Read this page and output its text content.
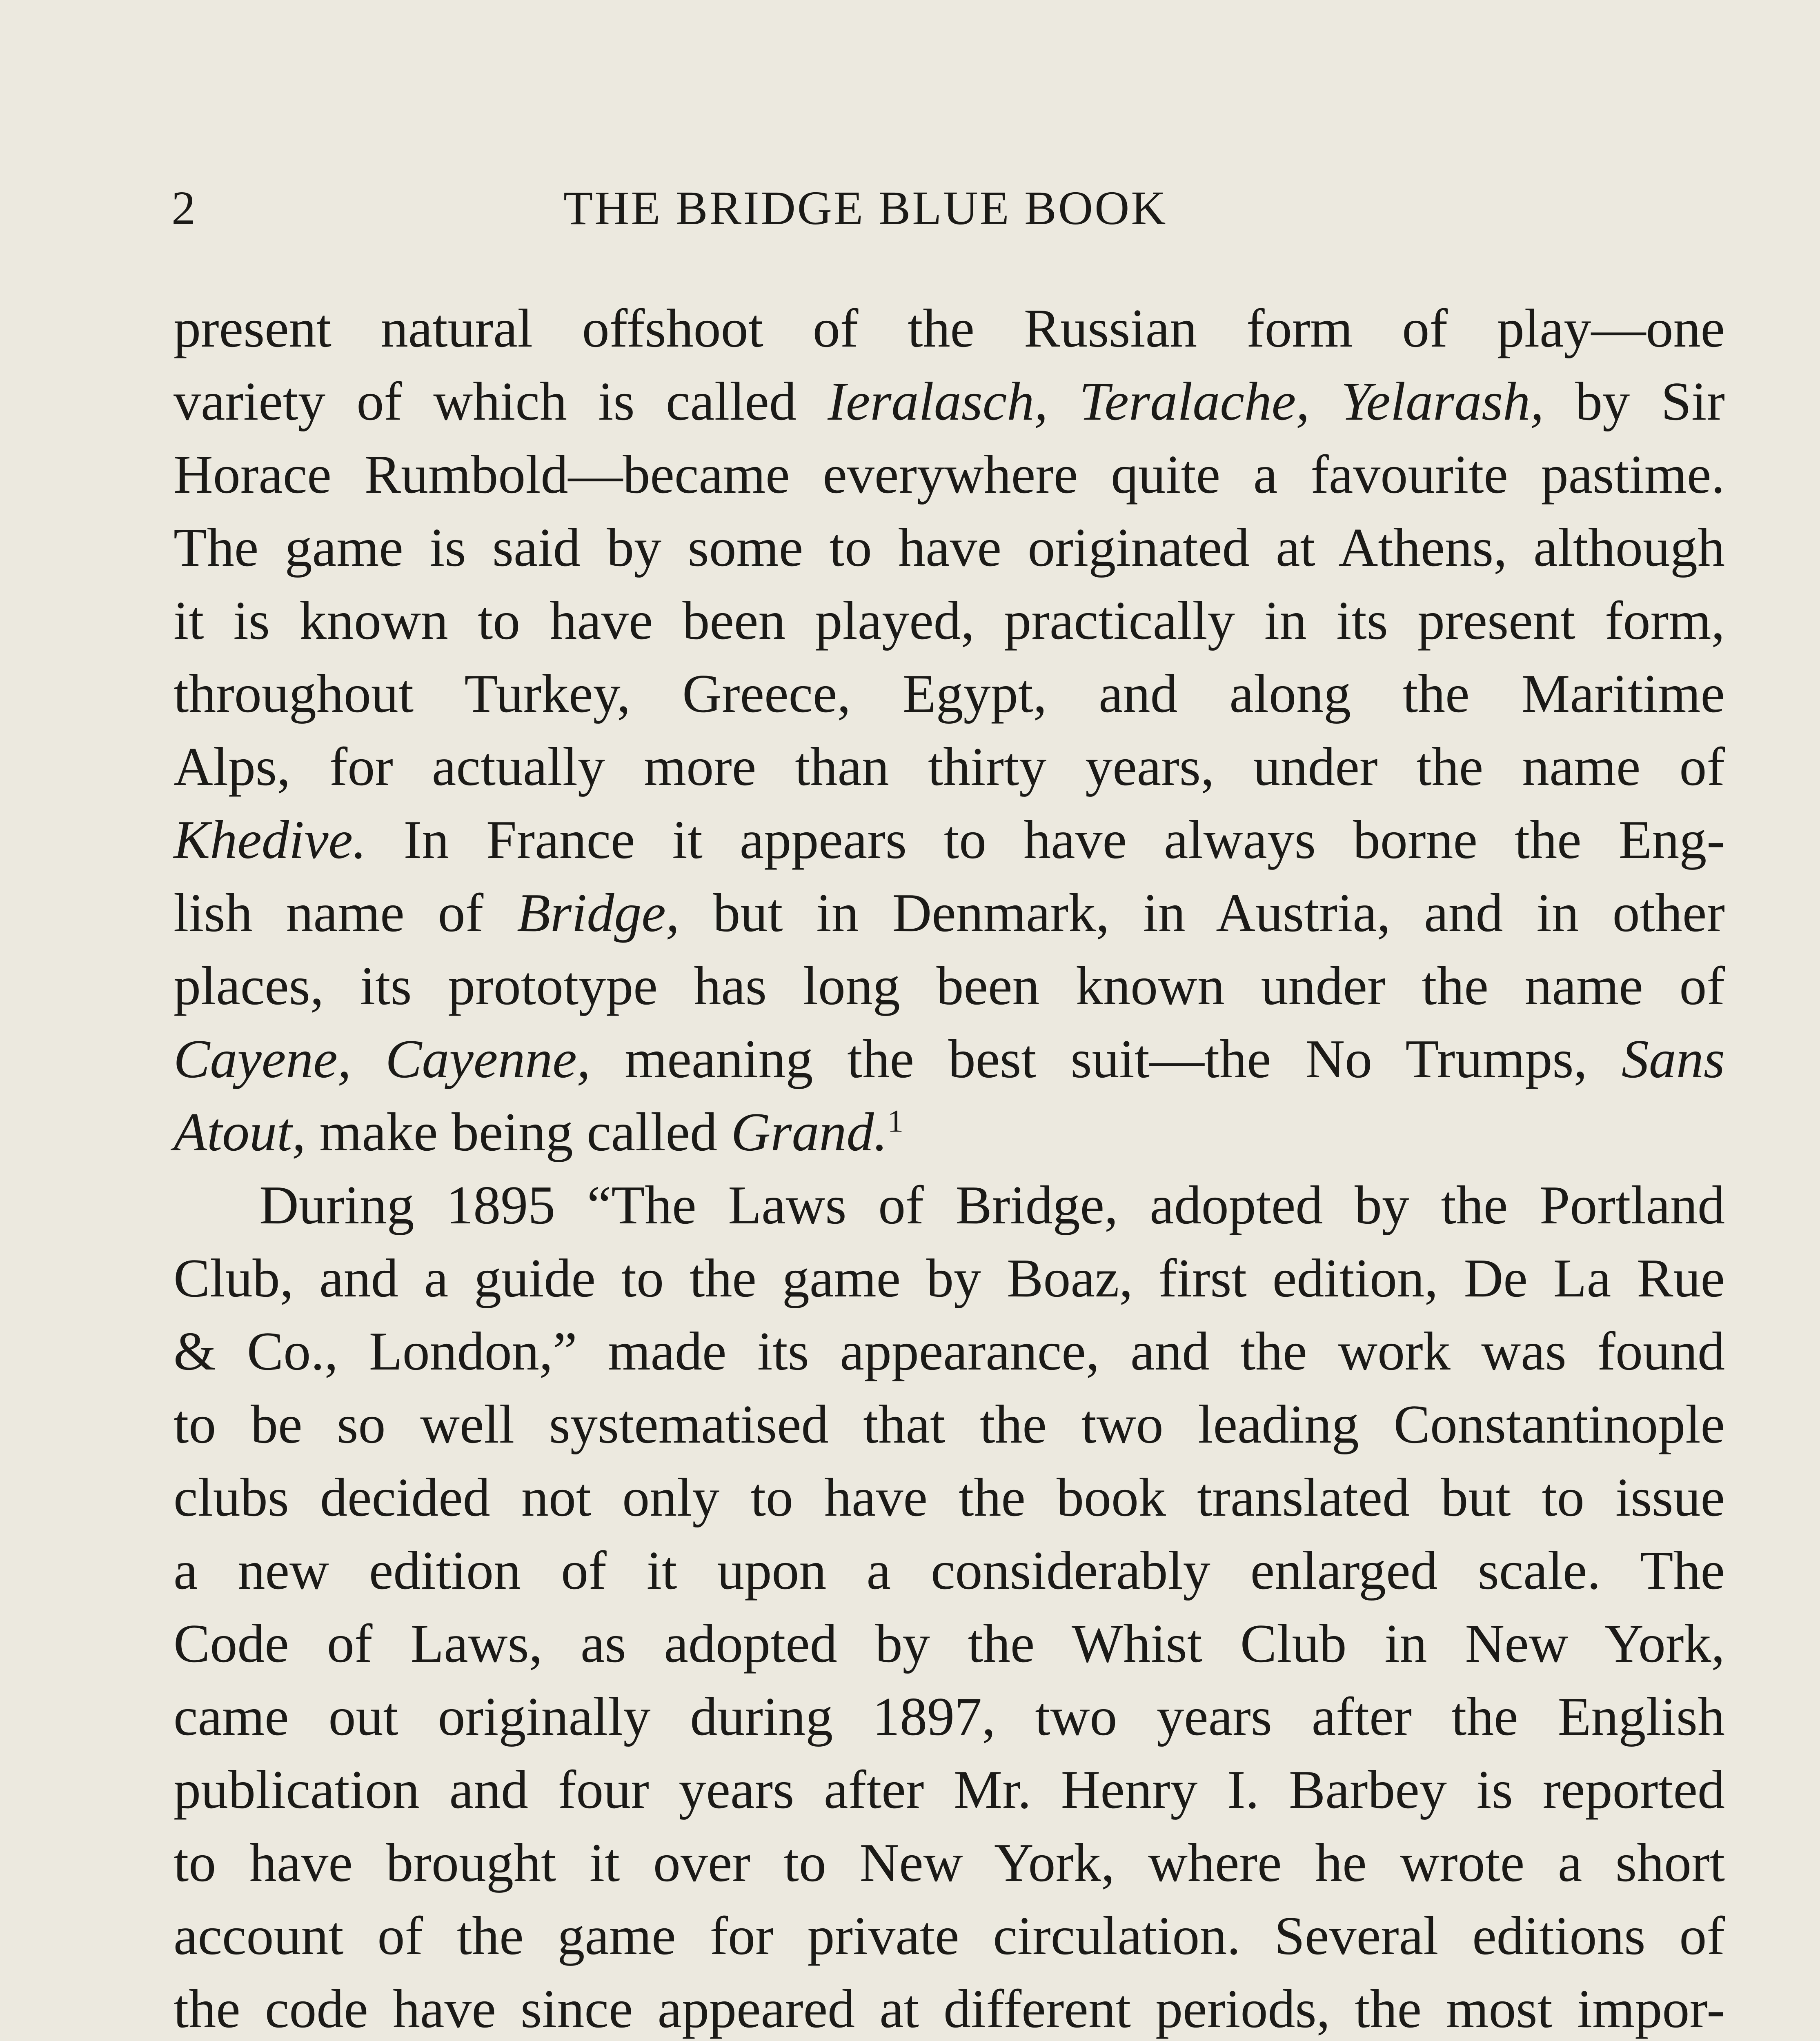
2	THE BRIDGE BLUE BOOK
present natural offshoot of the Russian form of play—one
variety of which is called Ieralasch, Teralache, Yelarash, by Sir
Horace Rumbold—became everywhere quite a favourite pastime.
The game is said by some to have originated at Athens, although
it is known to have been played, practically in its present form,
throughout Turkey, Greece, Egypt, and along the Maritime
Alps, for actually more than thirty years, under the name of
Khedive. In France it appears to have always borne the Eng-
lish name of Bridge, but in Denmark, in Austria, and in other
places, its prototype has long been known under the name of
Cayene, Cayenne, meaning the best suit—the No Trumps, Sans
Atout, make being called Grand.$^1$
During 1895 “The Laws of Bridge, adopted by the Portland
Club, and a guide to the game by Boaz, first edition, De La Rue
& Co., London,” made its appearance, and the work was found
to be so well systematised that the two leading Constantinople
clubs decided not only to have the book translated but to issue
a new edition of it upon a considerably enlarged scale. The
Code of Laws, as adopted by the Whist Club in New York,
came out originally during 1897, two years after the English
publication and four years after Mr. Henry I. Barbey is reported
to have brought it over to New York, where he wrote a short
account of the game for private circulation. Several editions of
the code have since appeared at different periods, the most impor-
